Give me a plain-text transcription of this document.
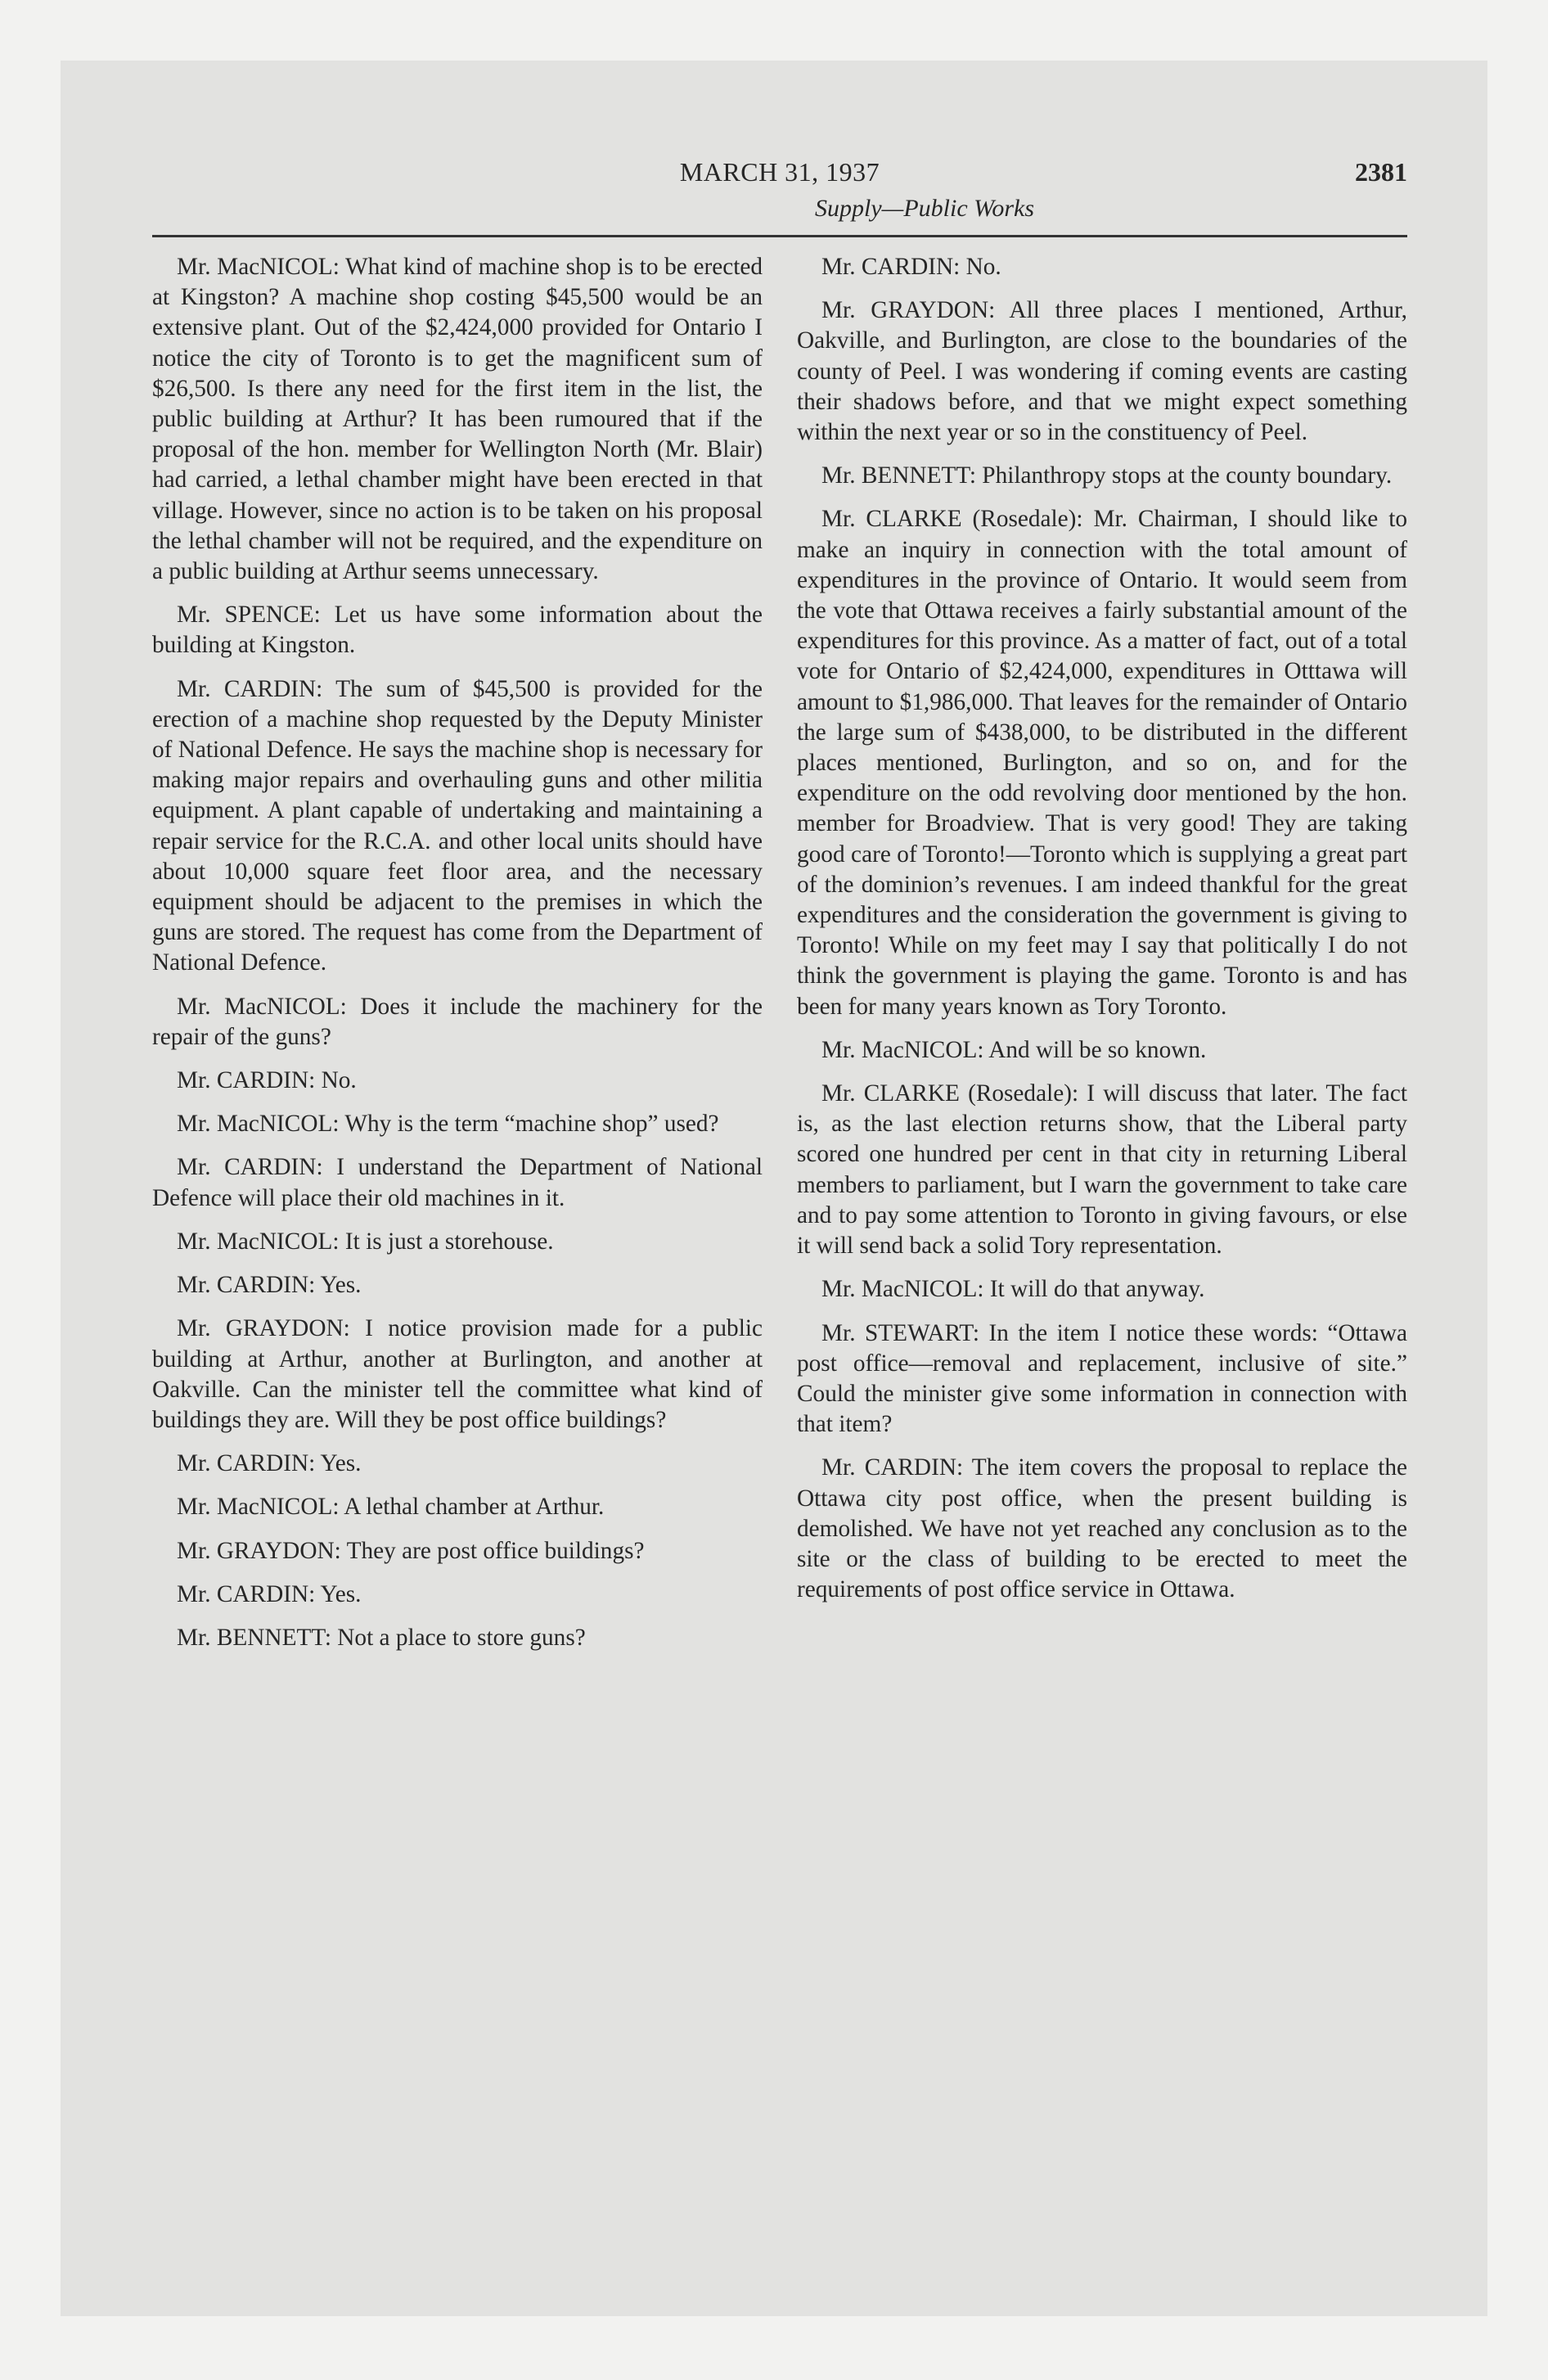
MARCH 31, 1937	2381
Supply—Public Works

Mr. MacNICOL: What kind of machine shop is to be erected at Kingston? A machine shop costing $45,500 would be an extensive plant. Out of the $2,424,000 provided for Ontario I notice the city of Toronto is to get the magnificent sum of $26,500. Is there any need for the first item in the list, the public building at Arthur? It has been rumoured that if the proposal of the hon. member for Wellington North (Mr. Blair) had carried, a lethal chamber might have been erected in that village. However, since no action is to be taken on his proposal the lethal chamber will not be required, and the expenditure on a public building at Arthur seems unnecessary.

Mr. SPENCE: Let us have some information about the building at Kingston.

Mr. CARDIN: The sum of $45,500 is provided for the erection of a machine shop requested by the Deputy Minister of National Defence. He says the machine shop is necessary for making major repairs and overhauling guns and other militia equipment. A plant capable of undertaking and maintaining a repair service for the R.C.A. and other local units should have about 10,000 square feet floor area, and the necessary equipment should be adjacent to the premises in which the guns are stored. The request has come from the Department of National Defence.

Mr. MacNICOL: Does it include the machinery for the repair of the guns?

Mr. CARDIN: No.

Mr. MacNICOL: Why is the term “machine shop” used?

Mr. CARDIN: I understand the Department of National Defence will place their old machines in it.

Mr. MacNICOL: It is just a storehouse.

Mr. CARDIN: Yes.

Mr. GRAYDON: I notice provision made for a public building at Arthur, another at Burlington, and another at Oakville. Can the minister tell the committee what kind of buildings they are. Will they be post office buildings?

Mr. CARDIN: Yes.

Mr. MacNICOL: A lethal chamber at Arthur.

Mr. GRAYDON: They are post office buildings?

Mr. CARDIN: Yes.

Mr. BENNETT: Not a place to store guns?

Mr. CARDIN: No.

Mr. GRAYDON: All three places I mentioned, Arthur, Oakville, and Burlington, are close to the boundaries of the county of Peel. I was wondering if coming events are casting their shadows before, and that we might expect something within the next year or so in the constituency of Peel.

Mr. BENNETT: Philanthropy stops at the county boundary.

Mr. CLARKE (Rosedale): Mr. Chairman, I should like to make an inquiry in connection with the total amount of expenditures in the province of Ontario. It would seem from the vote that Ottawa receives a fairly substantial amount of the expenditures for this province. As a matter of fact, out of a total vote for Ontario of $2,424,000, expenditures in Otttawa will amount to $1,986,000. That leaves for the remainder of Ontario the large sum of $438,000, to be distributed in the different places mentioned, Burlington, and so on, and for the expenditure on the odd revolving door mentioned by the hon. member for Broadview. That is very good! They are taking good care of Toronto!—Toronto which is supplying a great part of the dominion’s revenues. I am indeed thankful for the great expenditures and the consideration the government is giving to Toronto! While on my feet may I say that politically I do not think the government is playing the game. Toronto is and has been for many years known as Tory Toronto.

Mr. MacNICOL: And will be so known.

Mr. CLARKE (Rosedale): I will discuss that later. The fact is, as the last election returns show, that the Liberal party scored one hundred per cent in that city in returning Liberal members to parliament, but I warn the government to take care and to pay some attention to Toronto in giving favours, or else it will send back a solid Tory representation.

Mr. MacNICOL: It will do that anyway.

Mr. STEWART: In the item I notice these words: “Ottawa post office—removal and replacement, inclusive of site.” Could the minister give some information in connection with that item?

Mr. CARDIN: The item covers the proposal to replace the Ottawa city post office, when the present building is demolished. We have not yet reached any conclusion as to the site or the class of building to be erected to meet the requirements of post office service in Ottawa.
